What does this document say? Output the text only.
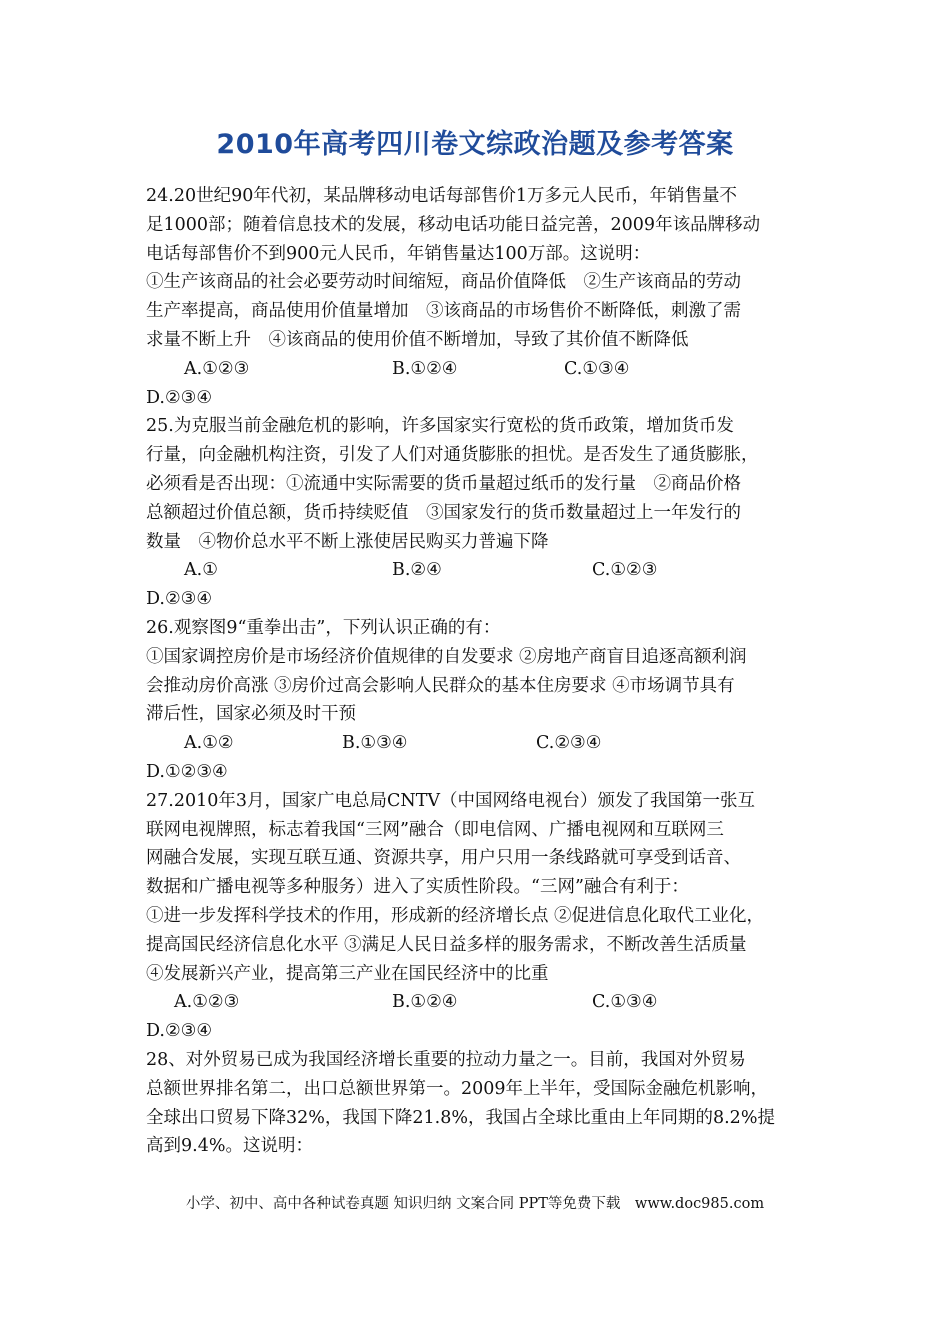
2010年高考四川卷文综政治题及参考答案
24.20世纪90年代初，某品牌移动电话每部售价1万多元人民币，年销售量不
足1000部；随着信息技术的发展，移动电话功能日益完善，2009年该品牌移动
电话每部售价不到900元人民币，年销售量达100万部。这说明：
①生产该商品的社会必要劳动时间缩短，商品价值降低　②生产该商品的劳动
生产率提高，商品使用价值量增加　③该商品的市场售价不断降低，刺激了需
求量不断上升　④该商品的使用价值不断增加，导致了其价值不断降低
A.①②③	B.①②④	C.①③④
D.②③④
25.为克服当前金融危机的影响，许多国家实行宽松的货币政策，增加货币发
行量，向金融机构注资，引发了人们对通货膨胀的担忧。是否发生了通货膨胀，
必须看是否出现：①流通中实际需要的货币量超过纸币的发行量　②商品价格
总额超过价值总额，货币持续贬值　③国家发行的货币数量超过上一年发行的
数量　④物价总水平不断上涨使居民购买力普遍下降
A.①	B.②④	C.①②③
D.②③④
26.观察图9“重拳出击”，下列认识正确的有：
①国家调控房价是市场经济价值规律的自发要求 ②房地产商盲目追逐高额利润
会推动房价高涨 ③房价过高会影响人民群众的基本住房要求 ④市场调节具有
滞后性，国家必须及时干预
A.①②	B.①③④	C.②③④
D.①②③④
27.2010年3月，国家广电总局CNTV（中国网络电视台）颁发了我国第一张互
联网电视牌照，标志着我国“三网”融合（即电信网、广播电视网和互联网三
网融合发展，实现互联互通、资源共享，用户只用一条线路就可享受到话音、
数据和广播电视等多种服务）进入了实质性阶段。“三网”融合有利于：
①进一步发挥科学技术的作用，形成新的经济增长点 ②促进信息化取代工业化，
提高国民经济信息化水平 ③满足人民日益多样的服务需求，不断改善生活质量
④发展新兴产业，提高第三产业在国民经济中的比重
A.①②③	B.①②④	C.①③④
D.②③④
28、对外贸易已成为我国经济增长重要的拉动力量之一。目前，我国对外贸易
总额世界排名第二，出口总额世界第一。2009年上半年，受国际金融危机影响，
全球出口贸易下降32%，我国下降21.8%，我国占全球比重由上年同期的8.2%提
高到9.4%。这说明：
小学、初中、高中各种试卷真题 知识归纳 文案合同 PPT等免费下载　www.doc985.com
